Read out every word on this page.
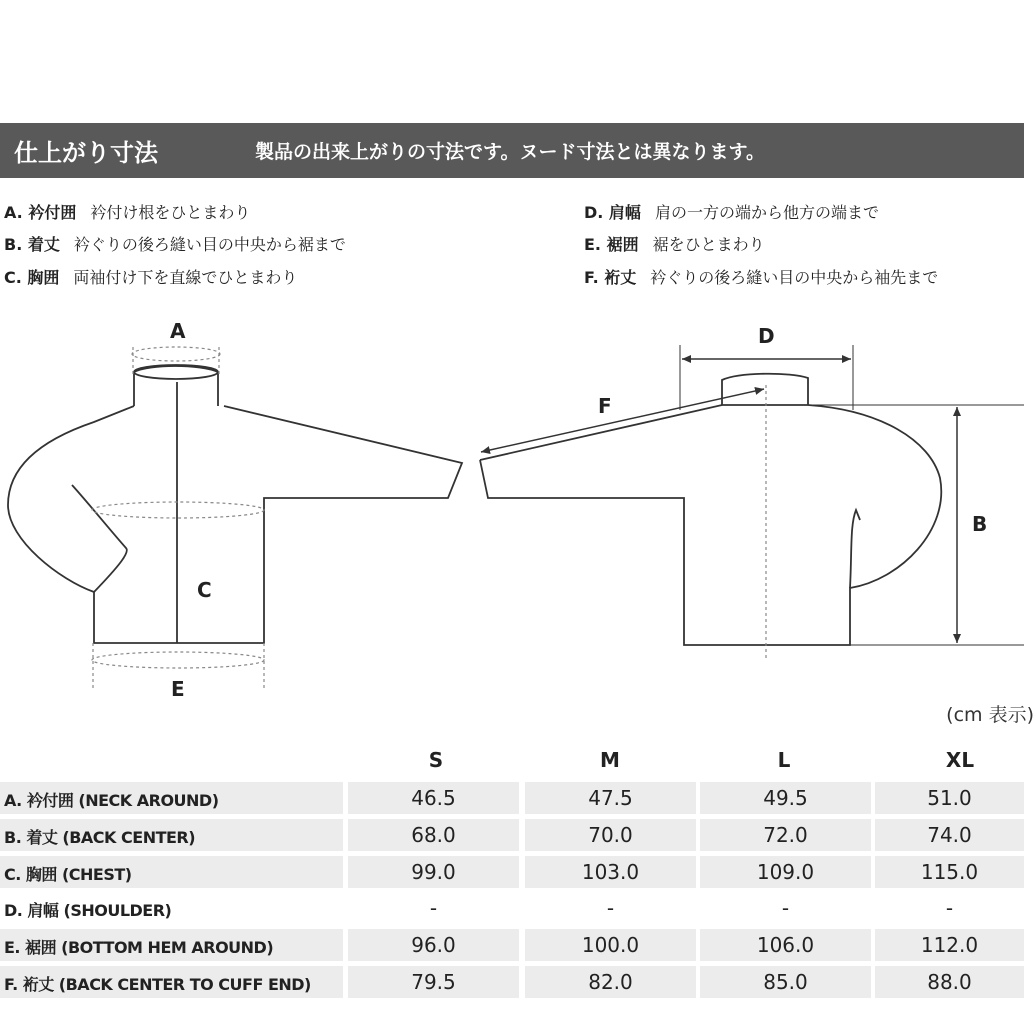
仕上がり寸法	製品の出来上がりの寸法です。ヌード寸法とは異なります。
A. 衿付囲 衿付け根をひとまわり
B. 着丈 衿ぐりの後ろ縫い目の中央から裾まで
C. 胸囲 両袖付け下を直線でひとまわり
D. 肩幅 肩の一方の端から他方の端まで
E. 裾囲 裾をひとまわり
F. 裄丈 衿ぐりの後ろ縫い目の中央から袖先まで
A
C
E
D
F
B
(cm 表示)
S	M	L	XL
A. 衿付囲 (NECK AROUND)	46.5	47.5	49.5	51.0
B. 着丈 (BACK CENTER)	68.0	70.0	72.0	74.0
C. 胸囲 (CHEST)	99.0	103.0	109.0	115.0
D. 肩幅 (SHOULDER)	-	-	-	-
E. 裾囲 (BOTTOM HEM AROUND)	96.0	100.0	106.0	112.0
F. 裄丈 (BACK CENTER TO CUFF END)	79.5	82.0	85.0	88.0
